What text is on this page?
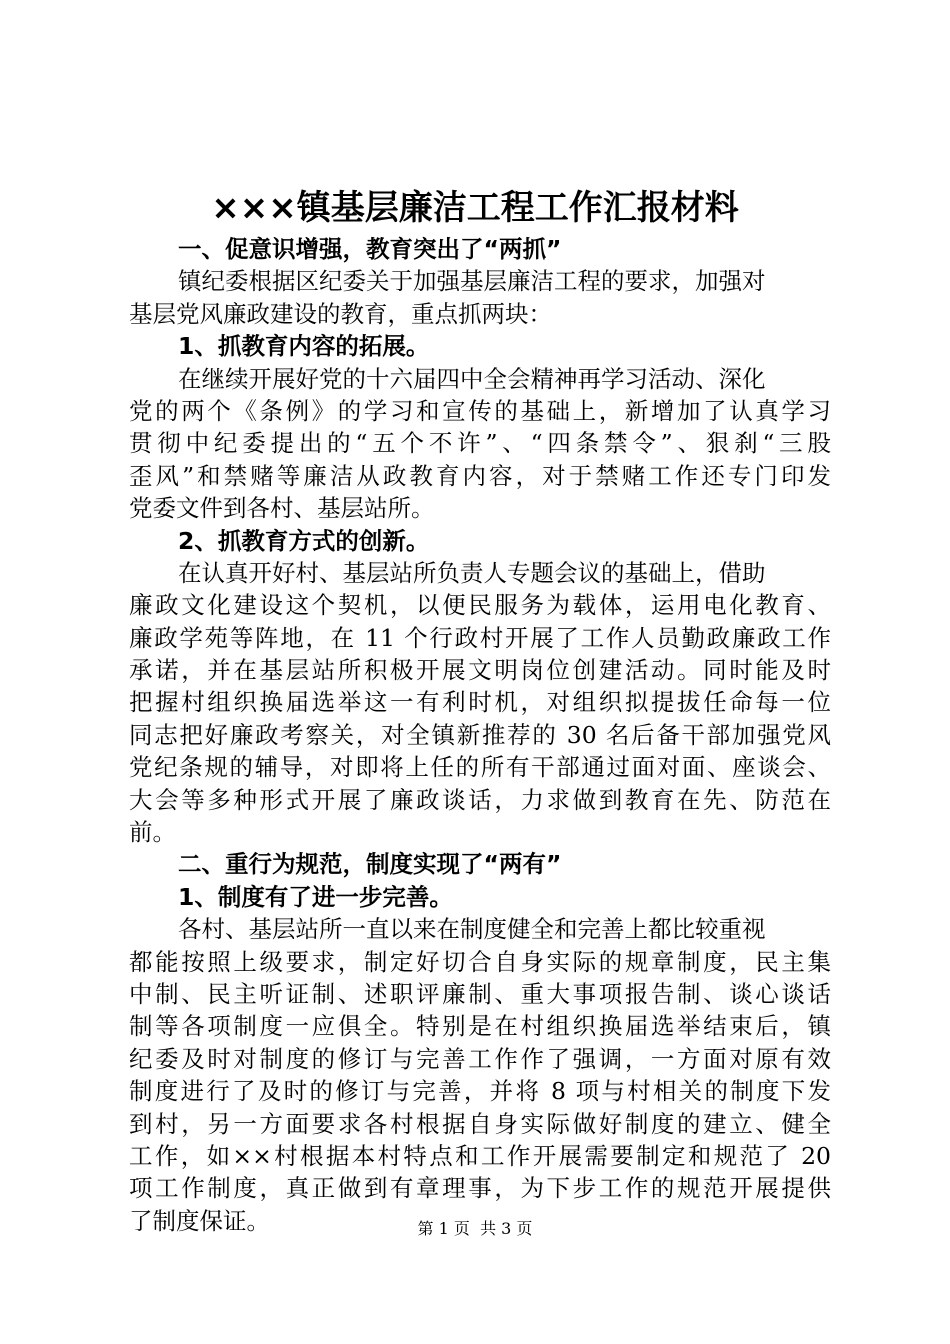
×××镇基层廉洁工程工作汇报材料
一、促意识增强，教育突出了“两抓”
镇纪委根据区纪委关于加强基层廉洁工程的要求，加强对
基层党风廉政建设的教育，重点抓两块：
1、抓教育内容的拓展。
在继续开展好党的十六届四中全会精神再学习活动、深化
党的两个《条例》的学习和宣传的基础上，新增加了认真学习
贯彻中纪委提出的“五个不许”、“四条禁令”、狠刹“三股
歪风”和禁赌等廉洁从政教育内容，对于禁赌工作还专门印发
党委文件到各村、基层站所。
2、抓教育方式的创新。
在认真开好村、基层站所负责人专题会议的基础上，借助
廉政文化建设这个契机，以便民服务为载体，运用电化教育、
廉政学苑等阵地，在 11 个行政村开展了工作人员勤政廉政工作
承诺，并在基层站所积极开展文明岗位创建活动。同时能及时
把握村组织换届选举这一有利时机，对组织拟提拔任命每一位
同志把好廉政考察关，对全镇新推荐的 30 名后备干部加强党风
党纪条规的辅导，对即将上任的所有干部通过面对面、座谈会、
大会等多种形式开展了廉政谈话，力求做到教育在先、防范在
前。
二、重行为规范，制度实现了“两有”
1、制度有了进一步完善。
各村、基层站所一直以来在制度健全和完善上都比较重视
都能按照上级要求，制定好切合自身实际的规章制度，民主集
中制、民主听证制、述职评廉制、重大事项报告制、谈心谈话
制等各项制度一应俱全。特别是在村组织换届选举结束后，镇
纪委及时对制度的修订与完善工作作了强调，一方面对原有效
制度进行了及时的修订与完善，并将 8 项与村相关的制度下发
到村，另一方面要求各村根据自身实际做好制度的建立、健全
工作，如××村根据本村特点和工作开展需要制定和规范了 20
项工作制度，真正做到有章理事，为下步工作的规范开展提供
了制度保证。	第 1 页  共 3 页
